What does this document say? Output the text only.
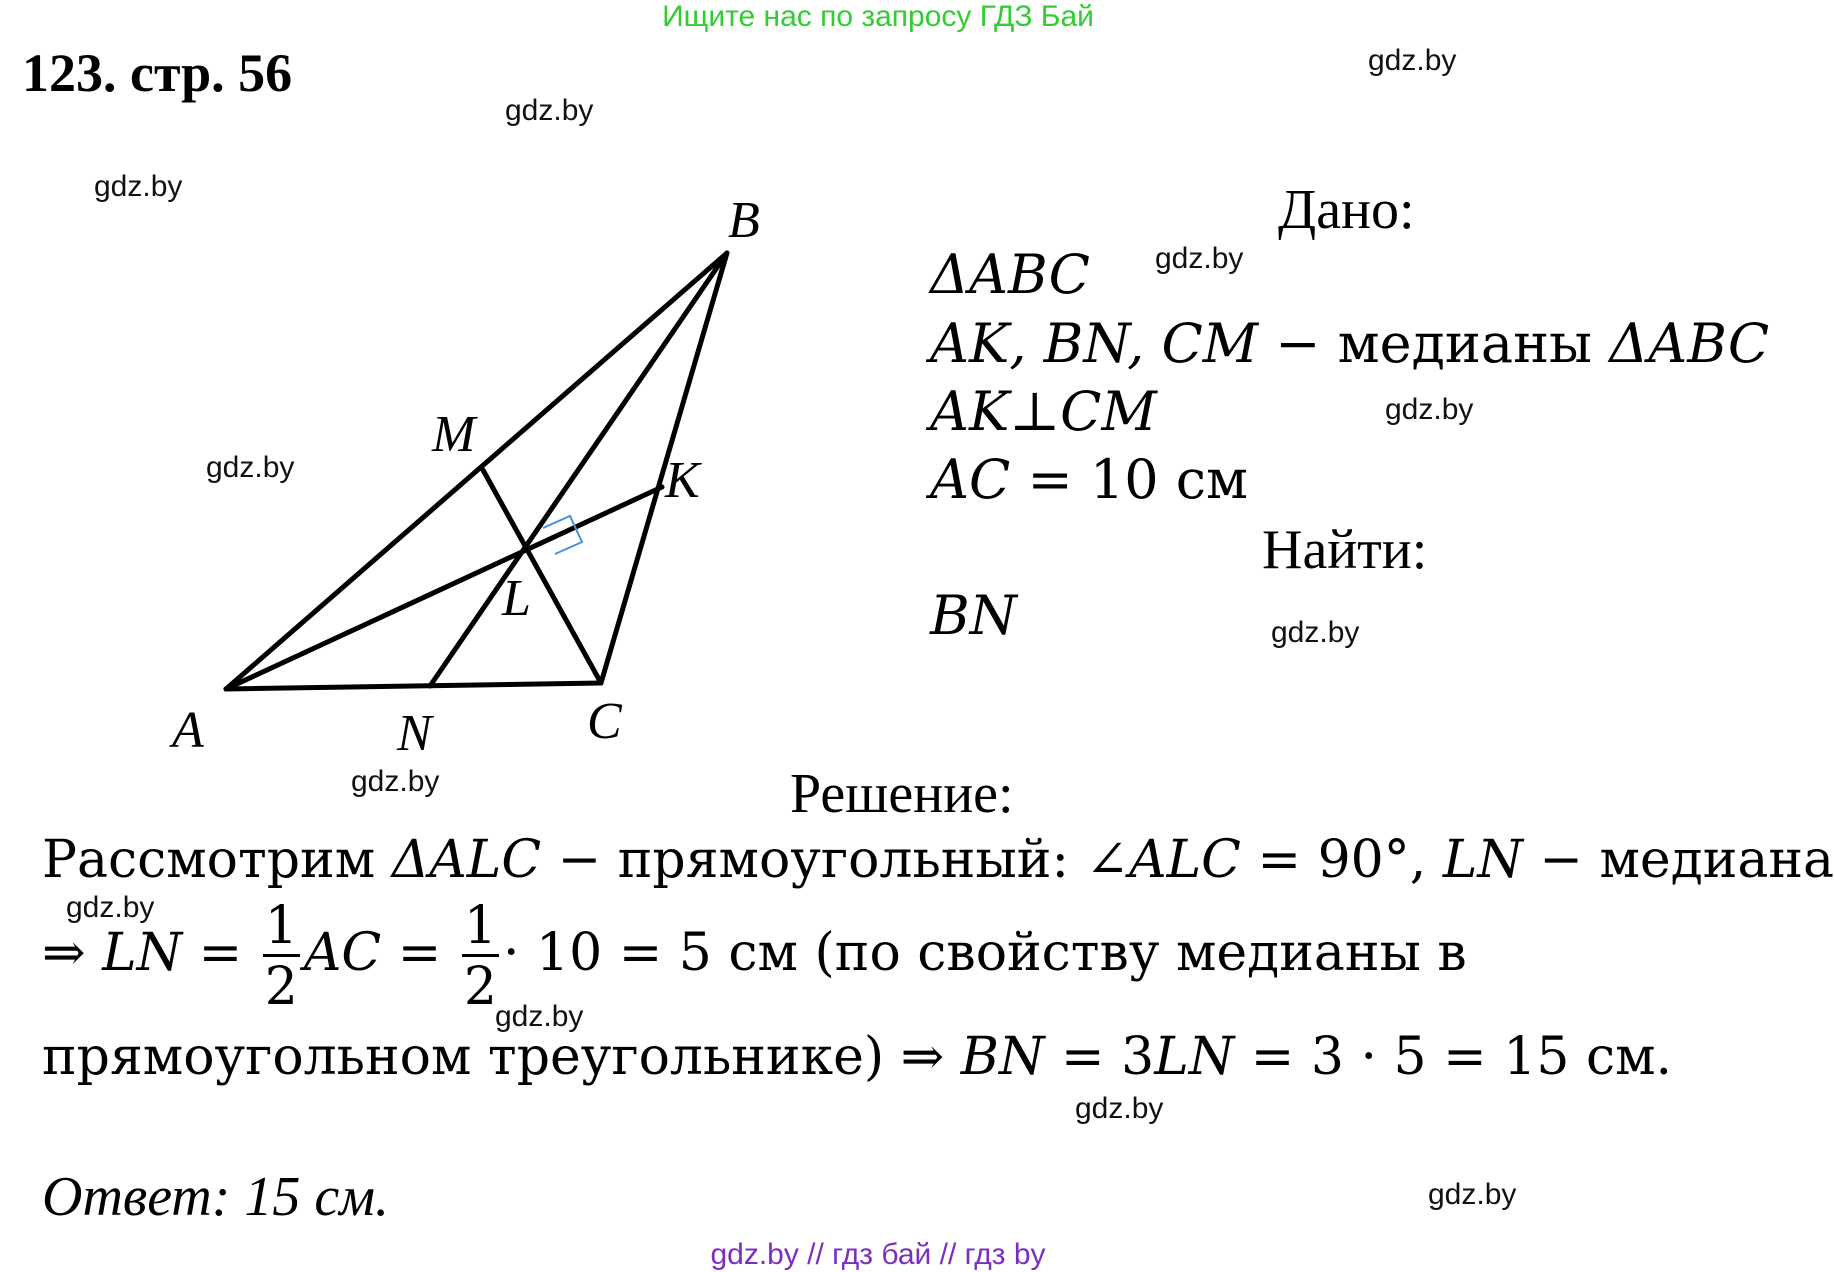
Ищите нас по запросу ГДЗ Бай
123. стр. 56	gdz.by
gdz.by
gdz.by
gdz.by
gdz.by
gdz.by
gdz.by
gdz.by
gdz.by
gdz.by
gdz.by
gdz.by
A
B
C
M
N
K
L
Дано:
ΔABC
AK, BN, CM − медианы ΔABC
AK⊥CM
AC = 10 см
Найти:
BN
Решение:
Рассмотрим ΔALC − прямоугольный: ∠ALC = 90°, LN − медиана
⇒ LN = $\frac{1}{2}$ AC = $\frac{1}{2} \cdot 10 = 5$ см (по свойству медианы в
прямоугольном треугольнике) ⇒ BN = 3LN = 3 · 5 = 15 см.
Ответ: 15 см.
gdz.by // гдз бай // гдз by
